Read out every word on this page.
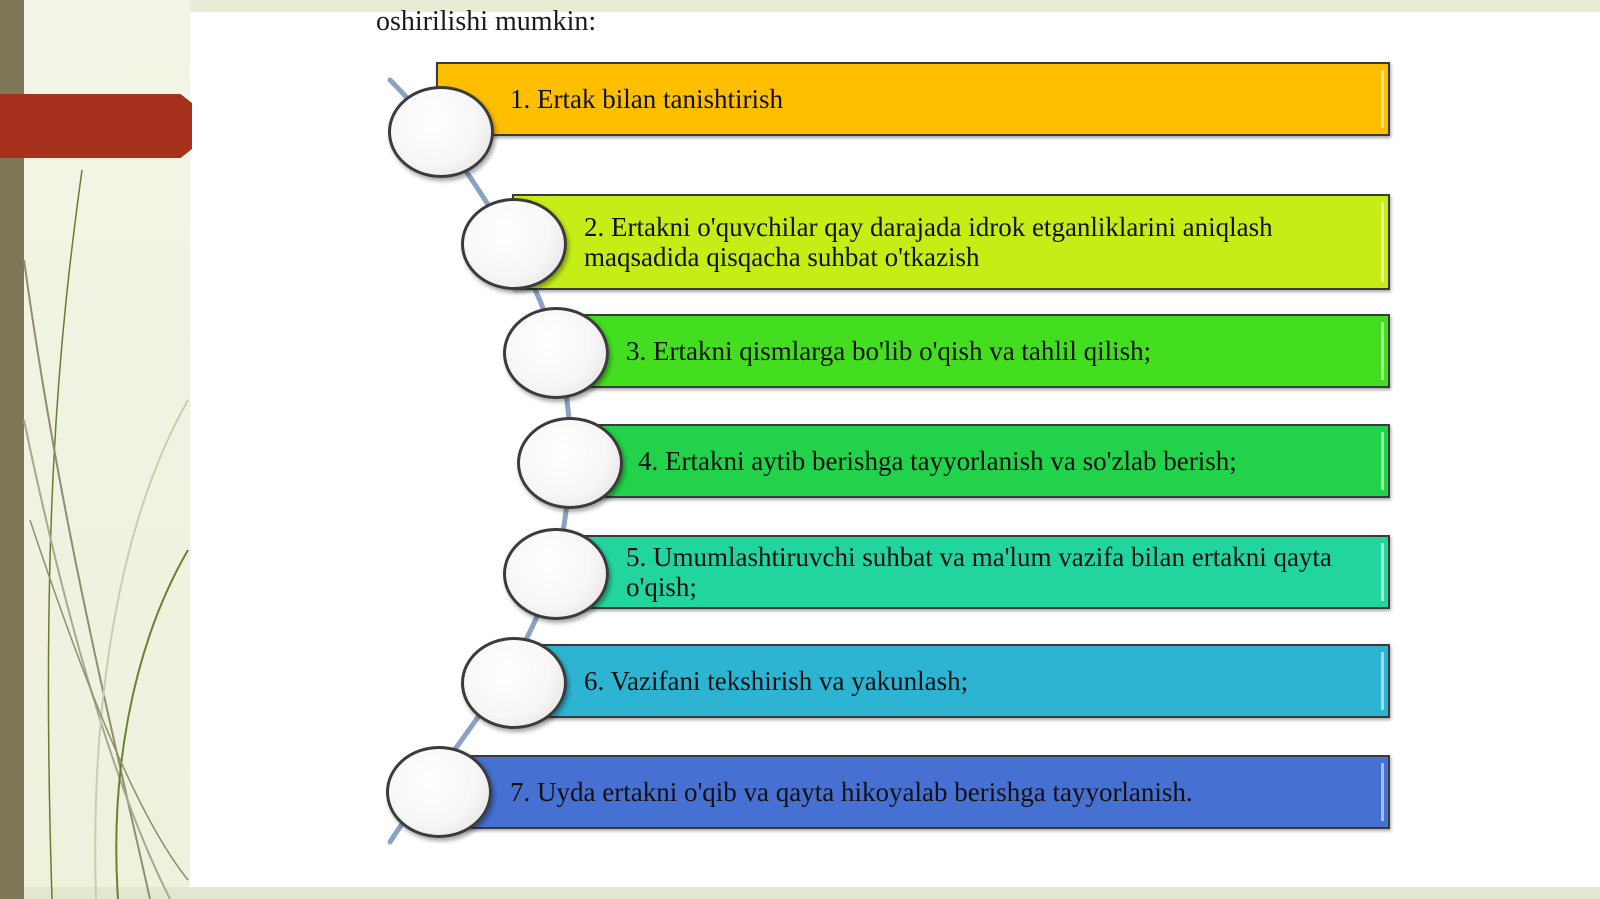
oshirilishi mumkin:
1. Ertak bilan tanishtirish
2. Ertakni o'quvchilar qay darajada idrok etganliklarini aniqlash maqsadida qisqacha suhbat o'tkazish
3. Ertakni qismlarga bo'lib o'qish va tahlil qilish;
4. Ertakni aytib berishga tayyorlanish va so'zlab berish;
5. Umumlashtiruvchi suhbat va ma'lum vazifa bilan ertakni qayta o'qish;
6. Vazifani tekshirish va yakunlash;
7. Uyda ertakni o'qib va qayta hikoyalab berishga tayyorlanish.
